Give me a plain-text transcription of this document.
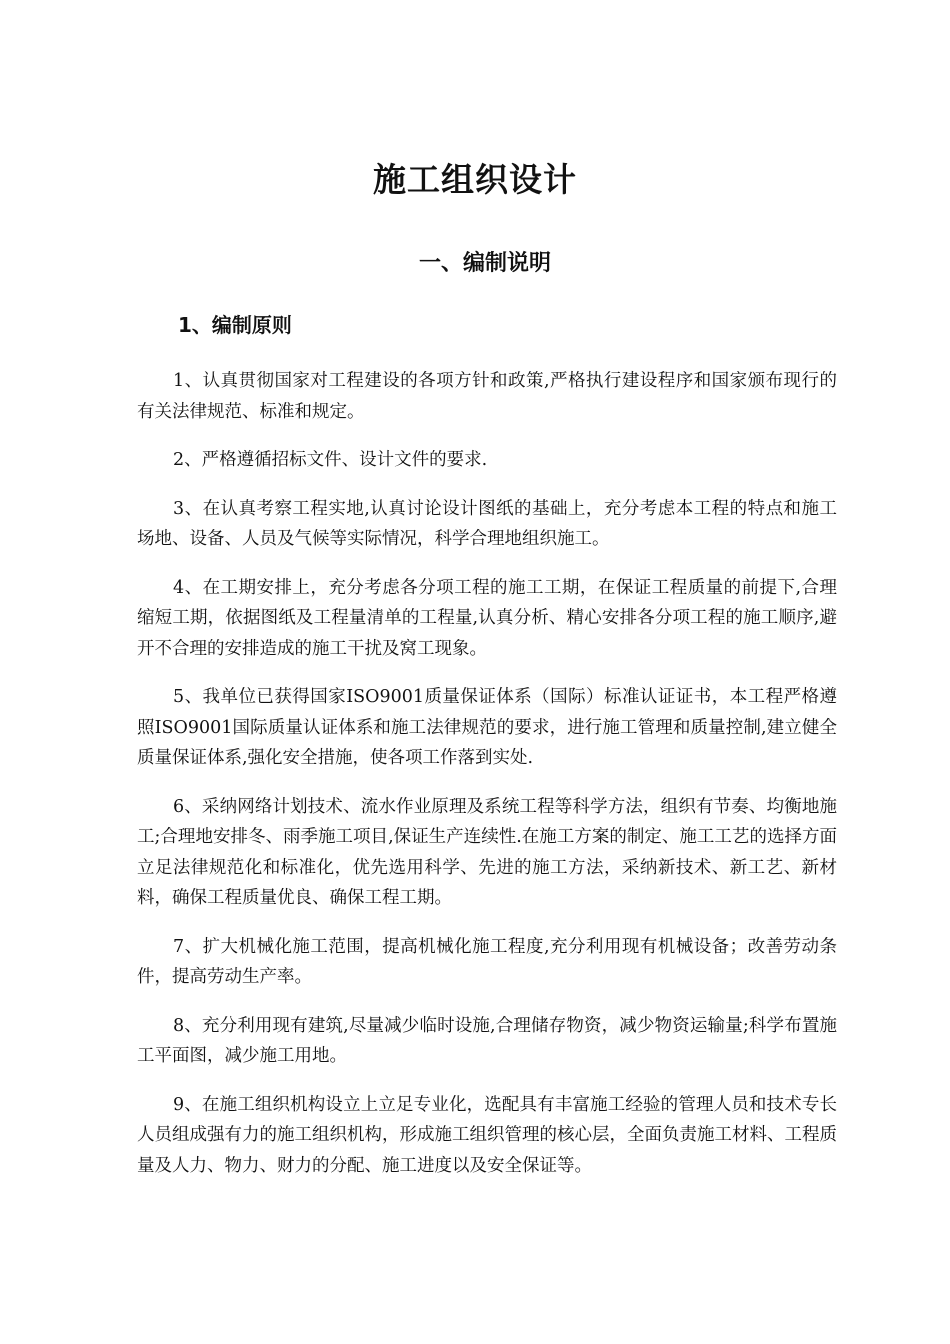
施工组织设计
一、编制说明
1、编制原则

1、认真贯彻国家对工程建设的各项方针和政策,严格执行建设程序和国家颁布现行的有关法律规范、标准和规定。

2、严格遵循招标文件、设计文件的要求.

3、在认真考察工程实地,认真讨论设计图纸的基础上，充分考虑本工程的特点和施工场地、设备、人员及气候等实际情况，科学合理地组织施工。

4、在工期安排上，充分考虑各分项工程的施工工期，在保证工程质量的前提下,合理缩短工期，依据图纸及工程量清单的工程量,认真分析、精心安排各分项工程的施工顺序,避开不合理的安排造成的施工干扰及窝工现象。

5、我单位已获得国家ISO9001质量保证体系（国际）标准认证证书，本工程严格遵照ISO9001国际质量认证体系和施工法律规范的要求，进行施工管理和质量控制,建立健全质量保证体系,强化安全措施，使各项工作落到实处.

6、采纳网络计划技术、流水作业原理及系统工程等科学方法，组织有节奏、均衡地施工;合理地安排冬、雨季施工项目,保证生产连续性.在施工方案的制定、施工工艺的选择方面立足法律规范化和标准化，优先选用科学、先进的施工方法，采纳新技术、新工艺、新材料，确保工程质量优良、确保工程工期。

7、扩大机械化施工范围，提高机械化施工程度,充分利用现有机械设备；改善劳动条件，提高劳动生产率。

8、充分利用现有建筑,尽量减少临时设施,合理储存物资，减少物资运输量;科学布置施工平面图，减少施工用地。

9、在施工组织机构设立上立足专业化，选配具有丰富施工经验的管理人员和技术专长人员组成强有力的施工组织机构，形成施工组织管理的核心层，全面负责施工材料、工程质量及人力、物力、财力的分配、施工进度以及安全保证等。
